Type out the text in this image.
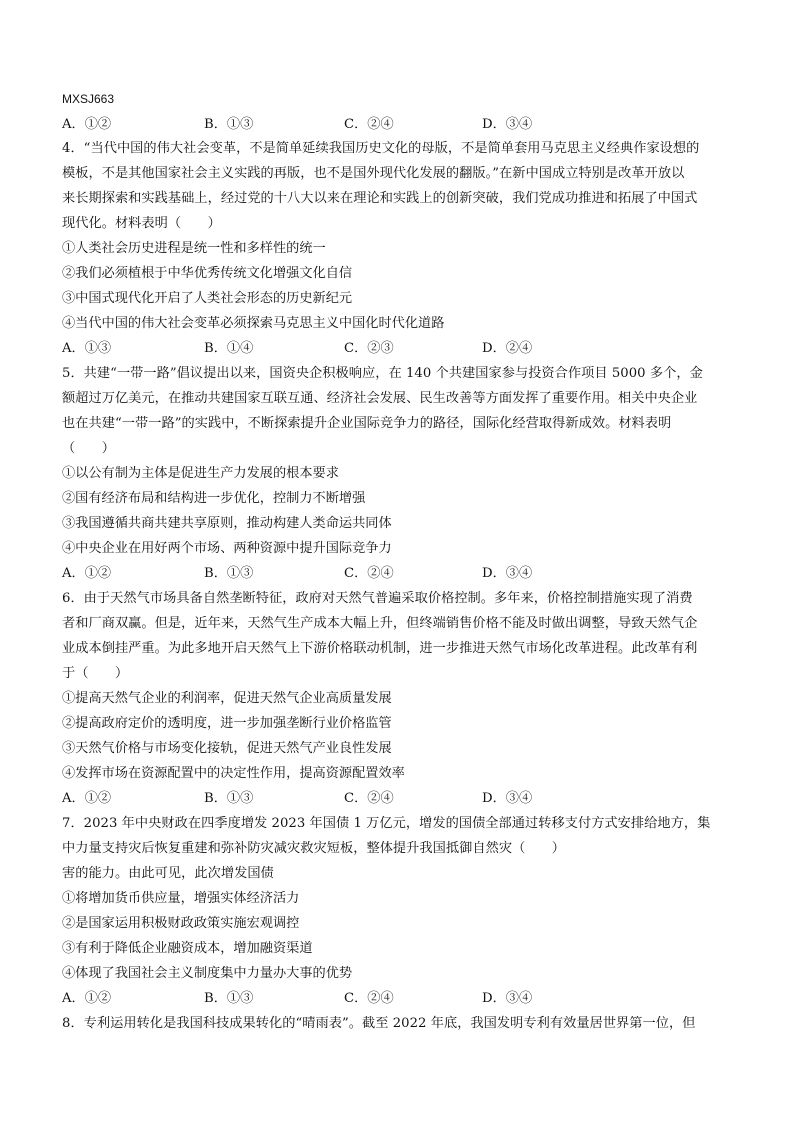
MXSJ663
A．①②	B．①③	C．②④	D．③④
4．“当代中国的伟大社会变革，不是简单延续我国历史文化的母版，不是简单套用马克思主义经典作家设想的
模板，不是其他国家社会主义实践的再版，也不是国外现代化发展的翻版。”在新中国成立特别是改革开放以
来长期探索和实践基础上，经过党的十八大以来在理论和实践上的创新突破，我们党成功推进和拓展了中国式
现代化。材料表明（　　）
①人类社会历史进程是统一性和多样性的统一
②我们必须植根于中华优秀传统文化增强文化自信
③中国式现代化开启了人类社会形态的历史新纪元
④当代中国的伟大社会变革必须探索马克思主义中国化时代化道路
A．①③	B．①④	C．②③	D．②④
5．共建“一带一路”倡议提出以来，国资央企积极响应，在 140 个共建国家参与投资合作项目 5000 多个，金
额超过万亿美元，在推动共建国家互联互通、经济社会发展、民生改善等方面发挥了重要作用。相关中央企业
也在共建“一带一路”的实践中，不断探索提升企业国际竞争力的路径，国际化经营取得新成效。材料表明
（　　）
①以公有制为主体是促进生产力发展的根本要求
②国有经济布局和结构进一步优化，控制力不断增强
③我国遵循共商共建共享原则，推动构建人类命运共同体
④中央企业在用好两个市场、两种资源中提升国际竞争力
A．①②	B．①③	C．②④	D．③④
6．由于天然气市场具备自然垄断特征，政府对天然气普遍采取价格控制。多年来，价格控制措施实现了消费
者和厂商双赢。但是，近年来，天然气生产成本大幅上升，但终端销售价格不能及时做出调整，导致天然气企
业成本倒挂严重。为此多地开启天然气上下游价格联动机制，进一步推进天然气市场化改革进程。此改革有利
于（　　）
①提高天然气企业的利润率，促进天然气企业高质量发展
②提高政府定价的透明度，进一步加强垄断行业价格监管
③天然气价格与市场变化接轨，促进天然气产业良性发展
④发挥市场在资源配置中的决定性作用，提高资源配置效率
A．①②	B．①③	C．②④	D．③④
7．2023 年中央财政在四季度增发 2023 年国债 1 万亿元，增发的国债全部通过转移支付方式安排给地方，集
中力量支持灾后恢复重建和弥补防灾减灾救灾短板，整体提升我国抵御自然灾（　　）
害的能力。由此可见，此次增发国债
①将增加货币供应量，增强实体经济活力
②是国家运用积极财政政策实施宏观调控
③有利于降低企业融资成本，增加融资渠道
④体现了我国社会主义制度集中力量办大事的优势
A．①②	B．①③	C．②④	D．③④
8．专利运用转化是我国科技成果转化的“晴雨表”。截至 2022 年底，我国发明专利有效量居世界第一位，但
